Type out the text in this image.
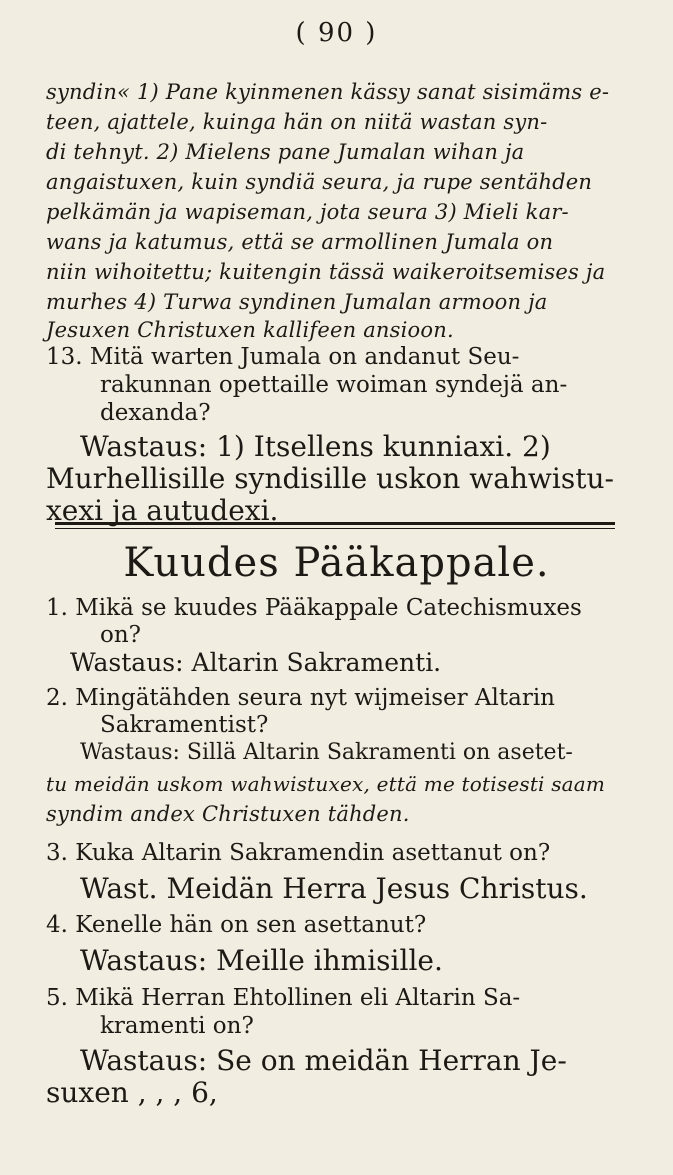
( 90 )
syndin« 1) Pane kyinmenen kässy sanat sisimäms e-
teen, ajattele, kuinga hän on niitä wastan syn-
di tehnyt. 2) Mielens pane Jumalan wihan ja
angaistuxen, kuin syndiä seura, ja rupe sentähden
pelkämän ja wapiseman, jota seura 3) Mieli kar-
wans ja katumus, että se armollinen Jumala on
niin wihoitettu; kuitengin tässä waikeroitsemises ja
murhes 4) Turwa syndinen Jumalan armoon ja
Jesuxen Christuxen kallifeen ansioon.
13. Mitä warten Jumala on andanut Seu-
rakunnan opettaille woiman syndejä an-
dexanda?
Wastaus: 1) Itsellens kunniaxi. 2)
Murhellisille syndisille uskon wahwistu-
xexi ja autudexi.
Kuudes Pääkappale.
1. Mikä se kuudes Pääkappale Catechismuxes
on?
Wastaus: Altarin Sakramenti.
2. Mingätähden seura nyt wijmeiser Altarin
Sakramentist?
Wastaus: Sillä Altarin Sakramenti on asetet-
tu meidän uskom wahwistuxex, että me totisesti saam
syndim andex Christuxen tähden.
3. Kuka Altarin Sakramendin asettanut on?
Wast. Meidän Herra Jesus Christus.
4. Kenelle hän on sen asettanut?
Wastaus: Meille ihmisille.
5. Mikä Herran Ehtollinen eli Altarin Sa-
kramenti on?
Wastaus: Se on meidän Herran Je-
suxen , , , 6,
